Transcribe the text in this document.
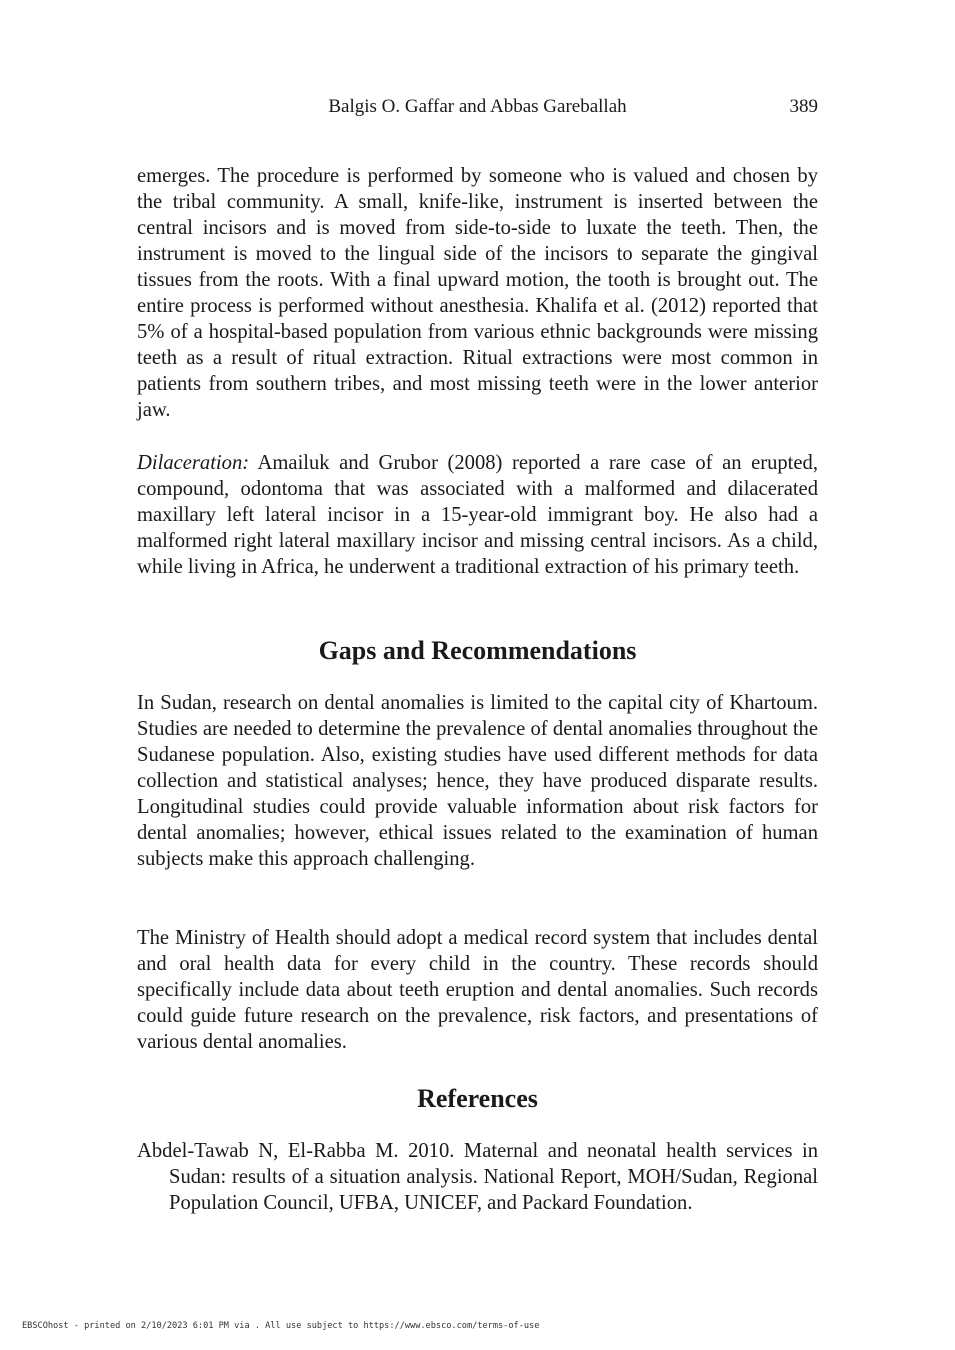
Balgis O. Gaffar and Abbas Gareballah	389

emerges. The procedure is performed by someone who is valued and chosen by the tribal community. A small, knife-like, instrument is inserted between the central incisors and is moved from side-to-side to luxate the teeth. Then, the instrument is moved to the lingual side of the incisors to separate the gingival tissues from the roots. With a final upward motion, the tooth is brought out. The entire process is performed without anesthesia. Khalifa et al. (2012) reported that 5% of a hospital-based population from various ethnic backgrounds were missing teeth as a result of ritual extraction. Ritual extractions were most common in patients from southern tribes, and most missing teeth were in the lower anterior jaw.

Dilaceration: Amailuk and Grubor (2008) reported a rare case of an erupted, compound, odontoma that was associated with a malformed and dilacerated maxillary left lateral incisor in a 15-year-old immigrant boy. He also had a malformed right lateral maxillary incisor and missing central incisors. As a child, while living in Africa, he underwent a traditional extraction of his primary teeth.

Gaps and Recommendations

In Sudan, research on dental anomalies is limited to the capital city of Khartoum. Studies are needed to determine the prevalence of dental anomalies throughout the Sudanese population. Also, existing studies have used different methods for data collection and statistical analyses; hence, they have produced disparate results. Longitudinal studies could provide valuable information about risk factors for dental anomalies; however, ethical issues related to the examination of human subjects make this approach challenging.

The Ministry of Health should adopt a medical record system that includes dental and oral health data for every child in the country. These records should specifically include data about teeth eruption and dental anomalies. Such records could guide future research on the prevalence, risk factors, and presentations of various dental anomalies.

References

Abdel-Tawab N, El-Rabba M. 2010. Maternal and neonatal health services in Sudan: results of a situation analysis. National Report, MOH/Sudan, Regional Population Council, UFBA, UNICEF, and Packard Foundation.

EBSCOhost - printed on 2/10/2023 6:01 PM via . All use subject to https://www.ebsco.com/terms-of-use
